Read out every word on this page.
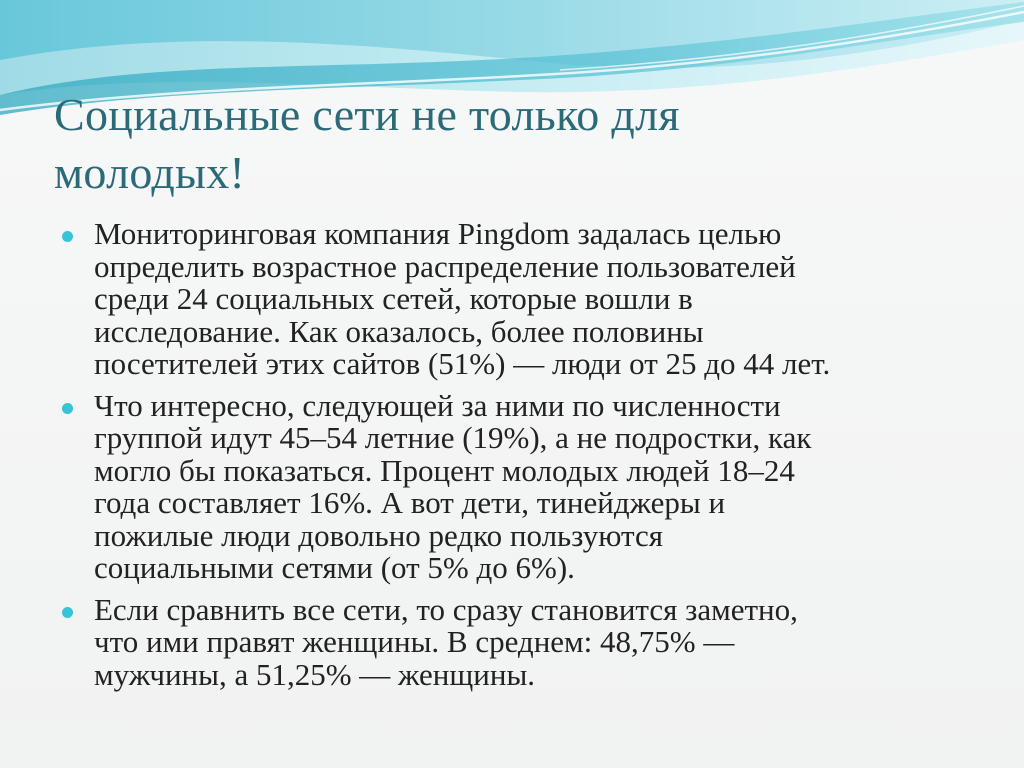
Социальные сети не только для
молодых!
Мониторинговая компания Pingdom задалась целью
определить возрастное распределение пользователей
среди 24 социальных сетей, которые вошли в
исследование. Как оказалось, более половины
посетителей этих сайтов (51%) — люди от 25 до 44 лет.
Что интересно, следующей за ними по численности
группой идут 45–54 летние (19%), а не подростки, как
могло бы показаться. Процент молодых людей 18–24
года составляет 16%. А вот дети, тинейджеры и
пожилые люди довольно редко пользуются
социальными сетями (от 5% до 6%).
Если сравнить все сети, то сразу становится заметно,
что ими правят женщины. В среднем: 48,75% —
мужчины, а 51,25% — женщины.
